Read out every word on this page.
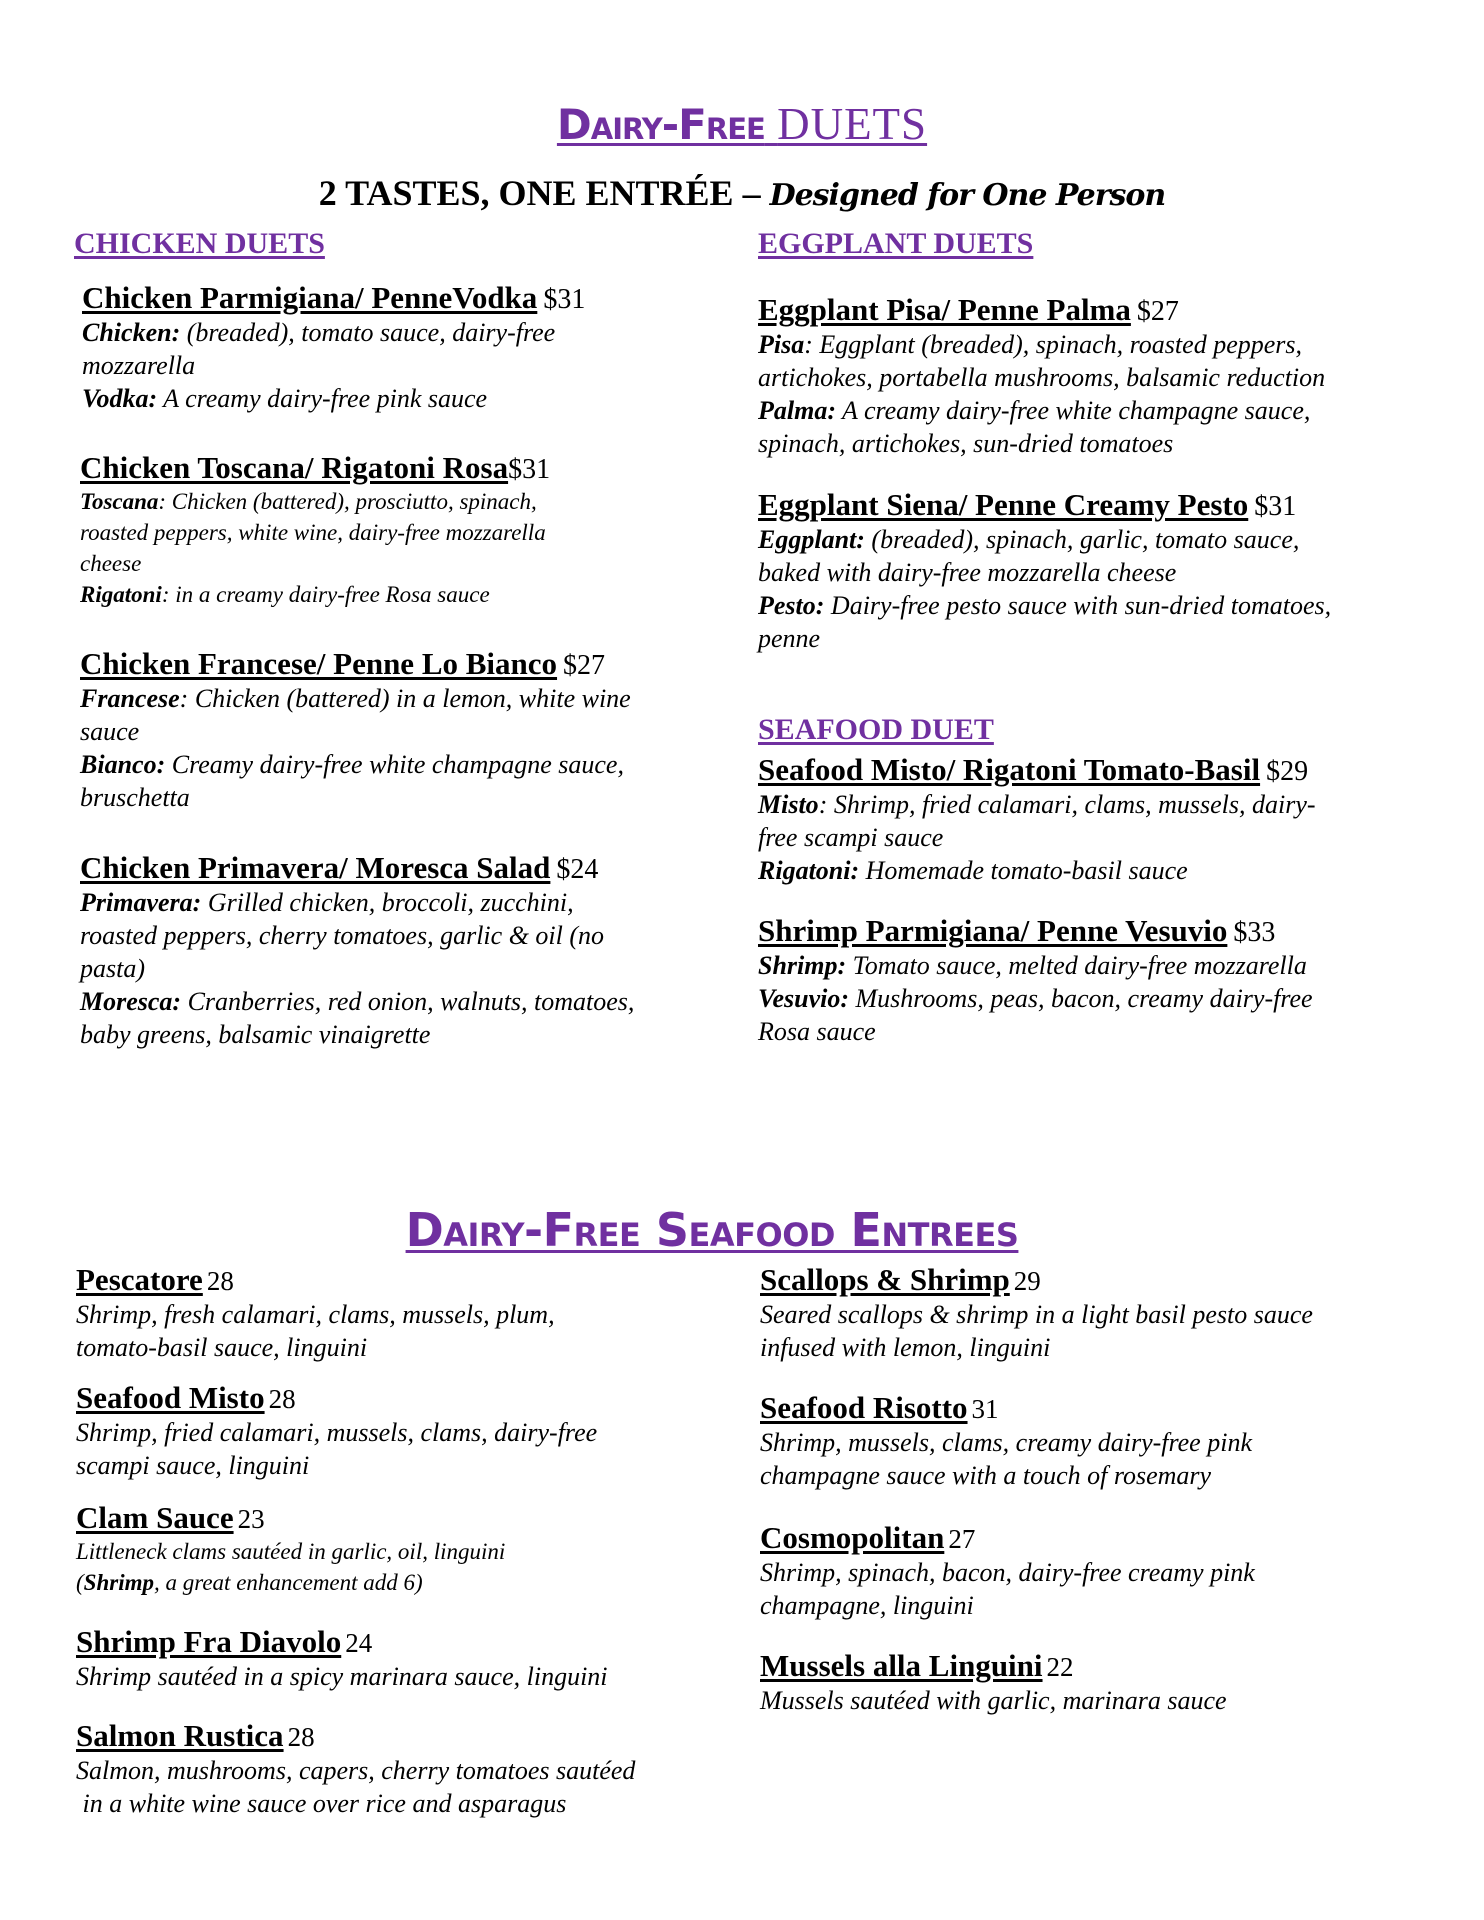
Dairy-Free DUETS
2 TASTES, ONE ENTRÉE – Designed for One Person
CHICKEN DUETS	EGGPLANT DUETS
Chicken Parmigiana/ PenneVodka $31
Chicken: (breaded), tomato sauce, dairy-free
mozzarella
Vodka: A creamy dairy-free pink sauce
Chicken Toscana/ Rigatoni Rosa$31
Toscana: Chicken (battered), prosciutto, spinach,
roasted peppers, white wine, dairy-free mozzarella
cheese
Rigatoni: in a creamy dairy-free Rosa sauce
Chicken Francese/ Penne Lo Bianco $27
Francese: Chicken (battered) in a lemon, white wine
sauce
Bianco: Creamy dairy-free white champagne sauce,
bruschetta
Chicken Primavera/ Moresca Salad $24
Primavera: Grilled chicken, broccoli, zucchini,
roasted peppers, cherry tomatoes, garlic & oil (no
pasta)
Moresca: Cranberries, red onion, walnuts, tomatoes,
baby greens, balsamic vinaigrette
Eggplant Pisa/ Penne Palma $27
Pisa: Eggplant (breaded), spinach, roasted peppers,
artichokes, portabella mushrooms, balsamic reduction
Palma: A creamy dairy-free white champagne sauce,
spinach, artichokes, sun-dried tomatoes
Eggplant Siena/ Penne Creamy Pesto $31
Eggplant: (breaded), spinach, garlic, tomato sauce,
baked with dairy-free mozzarella cheese
Pesto: Dairy-free pesto sauce with sun-dried tomatoes,
penne
SEAFOOD DUET
Seafood Misto/ Rigatoni Tomato-Basil $29
Misto: Shrimp, fried calamari, clams, mussels, dairy-
free scampi sauce
Rigatoni: Homemade tomato-basil sauce
Shrimp Parmigiana/ Penne Vesuvio $33
Shrimp: Tomato sauce, melted dairy-free mozzarella
Vesuvio: Mushrooms, peas, bacon, creamy dairy-free
Rosa sauce
Dairy-Free Seafood Entrees
Pescatore 28
Shrimp, fresh calamari, clams, mussels, plum,
tomato-basil sauce, linguini
Seafood Misto 28
Shrimp, fried calamari, mussels, clams, dairy-free
scampi sauce, linguini
Clam Sauce 23
Littleneck clams sautéed in garlic, oil, linguini
(Shrimp, a great enhancement add 6)
Shrimp Fra Diavolo 24
Shrimp sautéed in a spicy marinara sauce, linguini
Salmon Rustica 28
Salmon, mushrooms, capers, cherry tomatoes sautéed
in a white wine sauce over rice and asparagus
Scallops & Shrimp 29
Seared scallops & shrimp in a light basil pesto sauce
infused with lemon, linguini
Seafood Risotto 31
Shrimp, mussels, clams, creamy dairy-free pink
champagne sauce with a touch of rosemary
Cosmopolitan 27
Shrimp, spinach, bacon, dairy-free creamy pink
champagne, linguini
Mussels alla Linguini 22
Mussels sautéed with garlic, marinara sauce
